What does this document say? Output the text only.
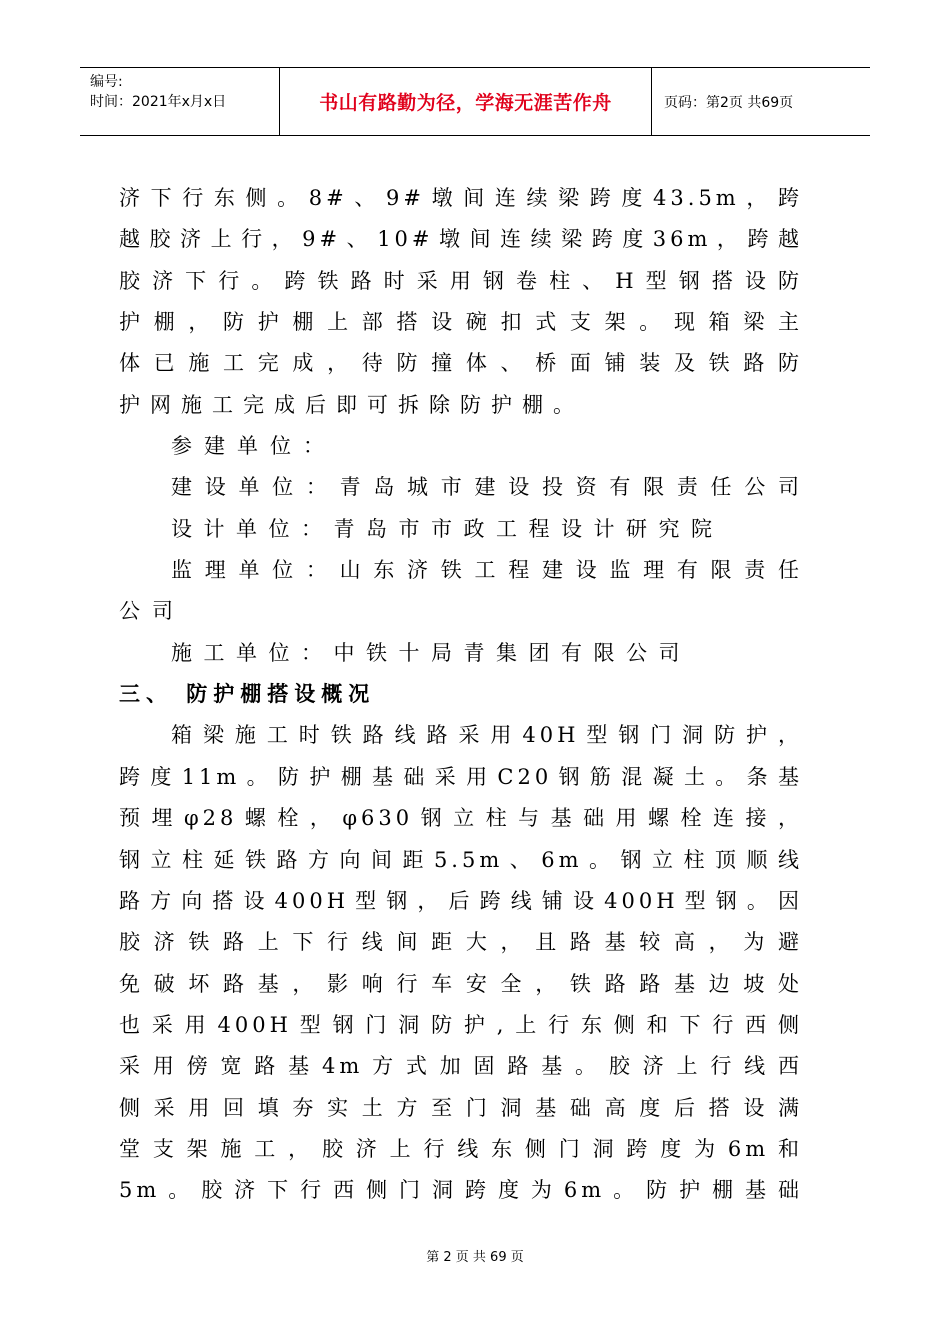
编号:
时间：2021年x月x日	书山有路勤为径，学海无涯苦作舟	页码：第2页 共69页
济下行东侧。8#、9#墩间连续梁跨度43.5m，跨
越胶济上行，9#、10#墩间连续梁跨度36m，跨越
胶济下行。跨铁路时采用钢卷柱、H型钢搭设防
护棚，防护棚上部搭设碗扣式支架。现箱梁主
体已施工完成，待防撞体、桥面铺装及铁路防
护网施工完成后即可拆除防护棚。
参建单位：
建设单位：青岛城市建设投资有限责任公司
设计单位：青岛市市政工程设计研究院
监理单位：山东济铁工程建设监理有限责任
公司
施工单位：中铁十局青集团有限公司
三、 防护棚搭设概况
箱梁施工时铁路线路采用40H型钢门洞防护，
跨度11m。防护棚基础采用C20钢筋混凝土。条基
预埋φ28螺栓，φ630钢立柱与基础用螺栓连接，
钢立柱延铁路方向间距5.5m、6m。钢立柱顶顺线
路方向搭设400H型钢，后跨线铺设400H型钢。因
胶济铁路上下行线间距大，且路基较高，为避
免破坏路基，影响行车安全，铁路路基边坡处
也采用400H型钢门洞防护,上行东侧和下行西侧
采用傍宽路基4m方式加固路基。胶济上行线西
侧采用回填夯实土方至门洞基础高度后搭设满
堂支架施工，胶济上行线东侧门洞跨度为6m和
5m。胶济下行西侧门洞跨度为6m。防护棚基础
第 2 页 共 69 页
